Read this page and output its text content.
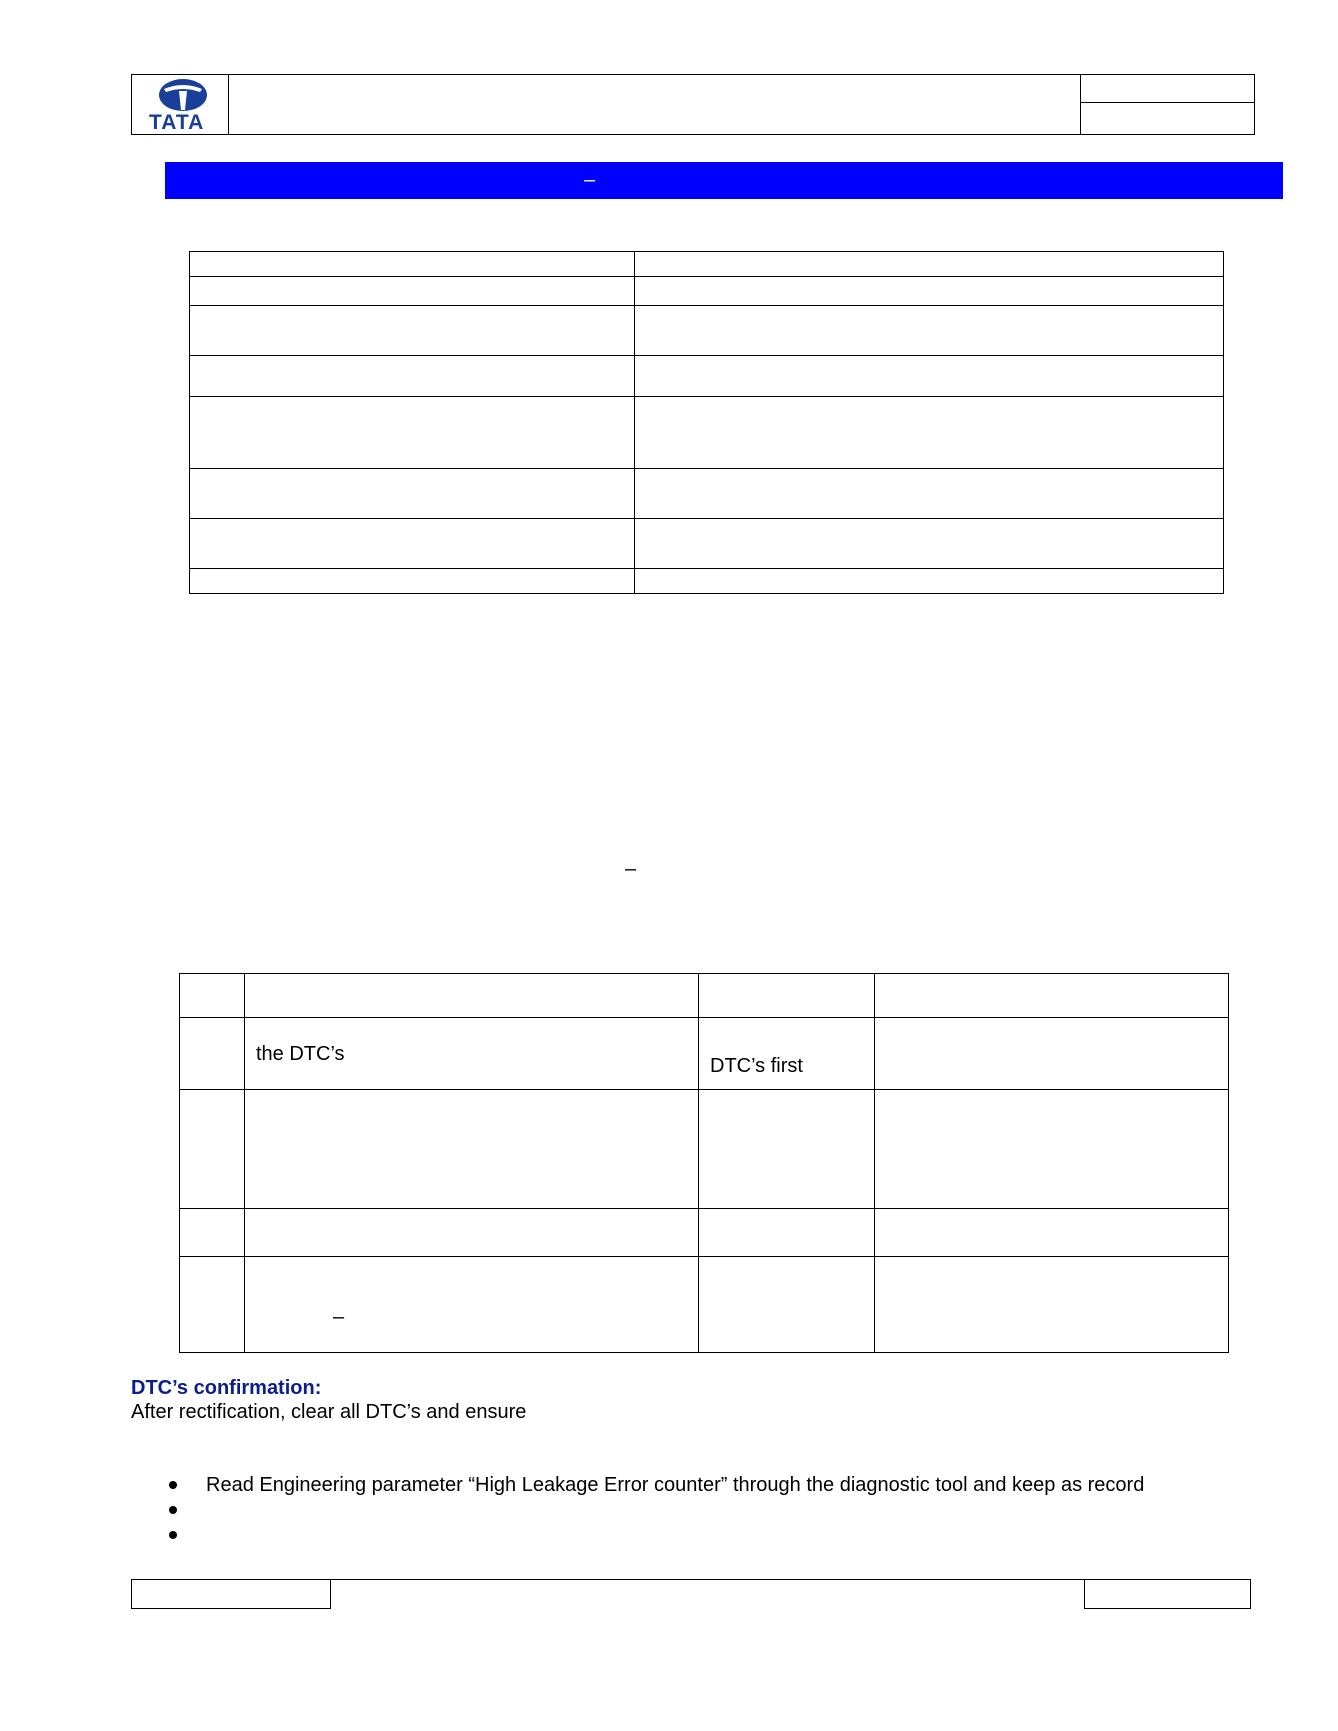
TATA
–
–
the DTC’s
DTC’s first
–
DTC’s confirmation:
After rectification, clear all DTC’s and ensure
Read Engineering parameter “High Leakage Error counter” through the diagnostic tool and keep as record
